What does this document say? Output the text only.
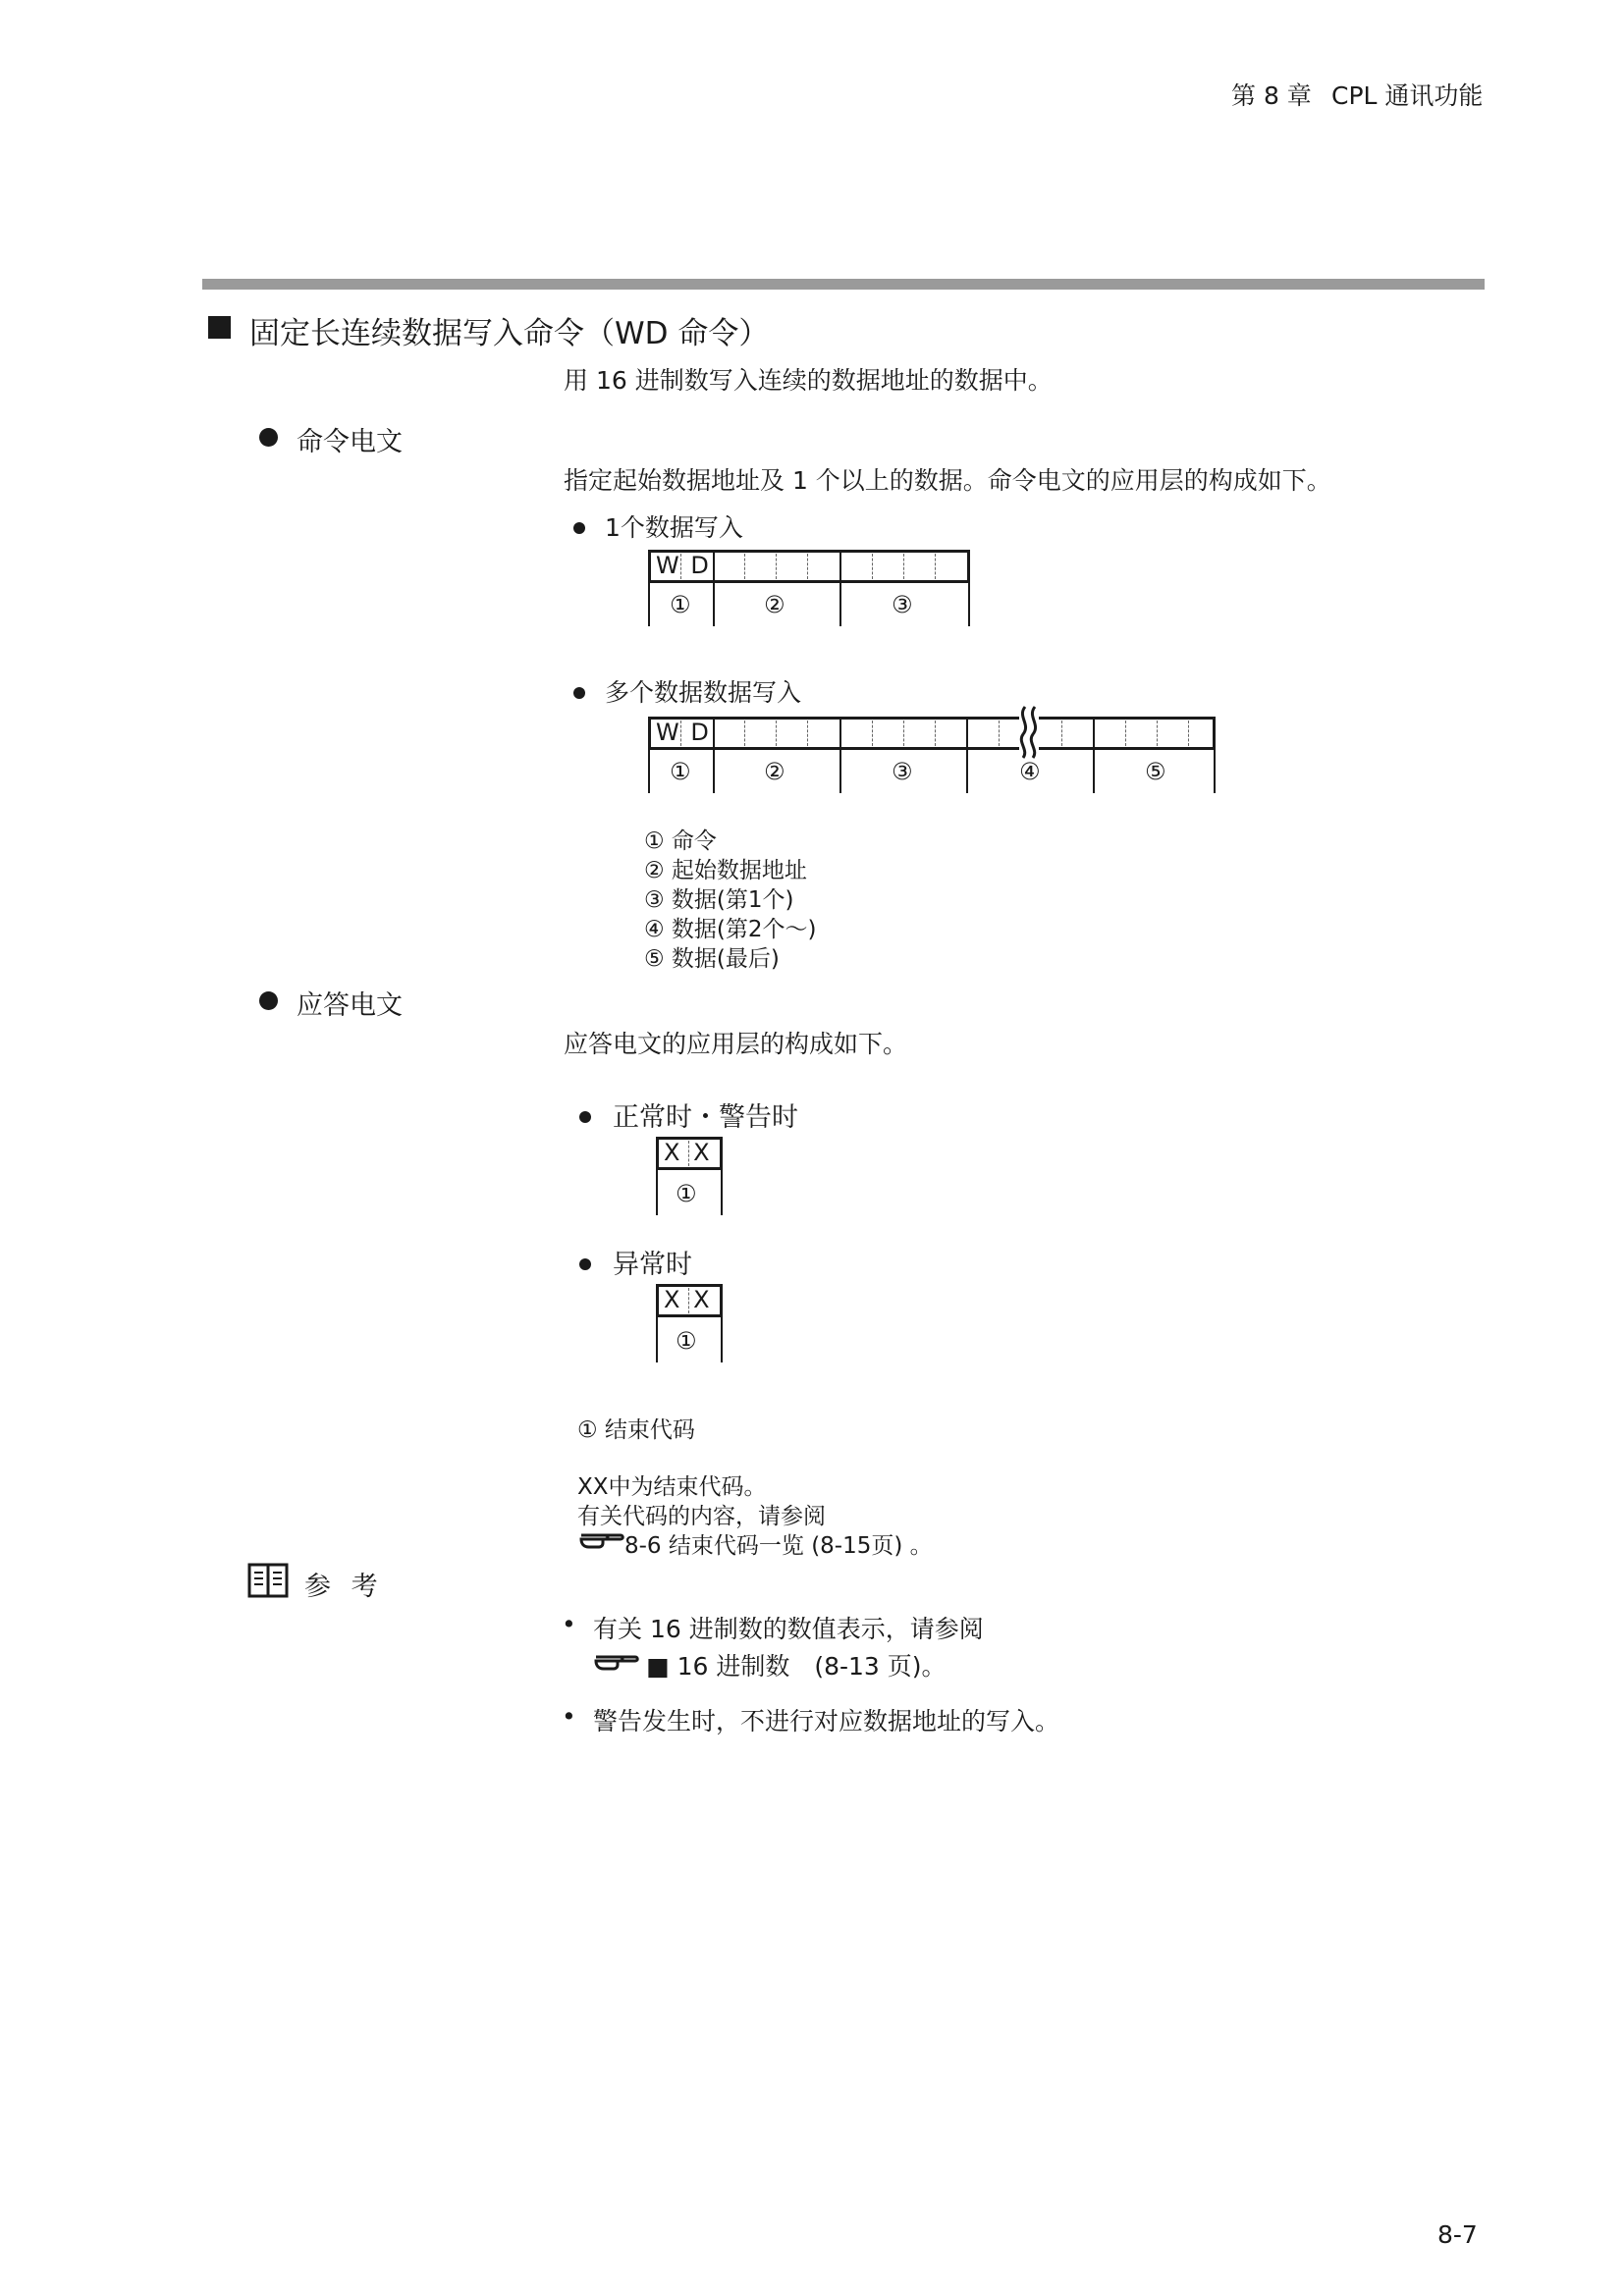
第 8 章 CPL 通讯功能
固定长连续数据写入命令（WD 命令）
用 16 进制数写入连续的数据地址的数据中。
命令电文
指定起始数据地址及 1 个以上的数据。命令电文的应用层的构成如下。
1个数据写入
W D
①	②	③
多个数据数据写入
W D
①	②	③	④	⑤
① 命令
② 起始数据地址
③ 数据(第1个)
④ 数据(第2个～)
⑤ 数据(最后)
应答电文
应答电文的应用层的构成如下。
正常时・警告时
X X
①
异常时
X X
①
① 结束代码
XX中为结束代码。
有关代码的内容，请参阅
8-6 结束代码一览 (8-15页) 。
参 考
• 有关 16 进制数的数值表示，请参阅
■ 16 进制数　(8-13 页)。
• 警告发生时，不进行对应数据地址的写入。
8-7
